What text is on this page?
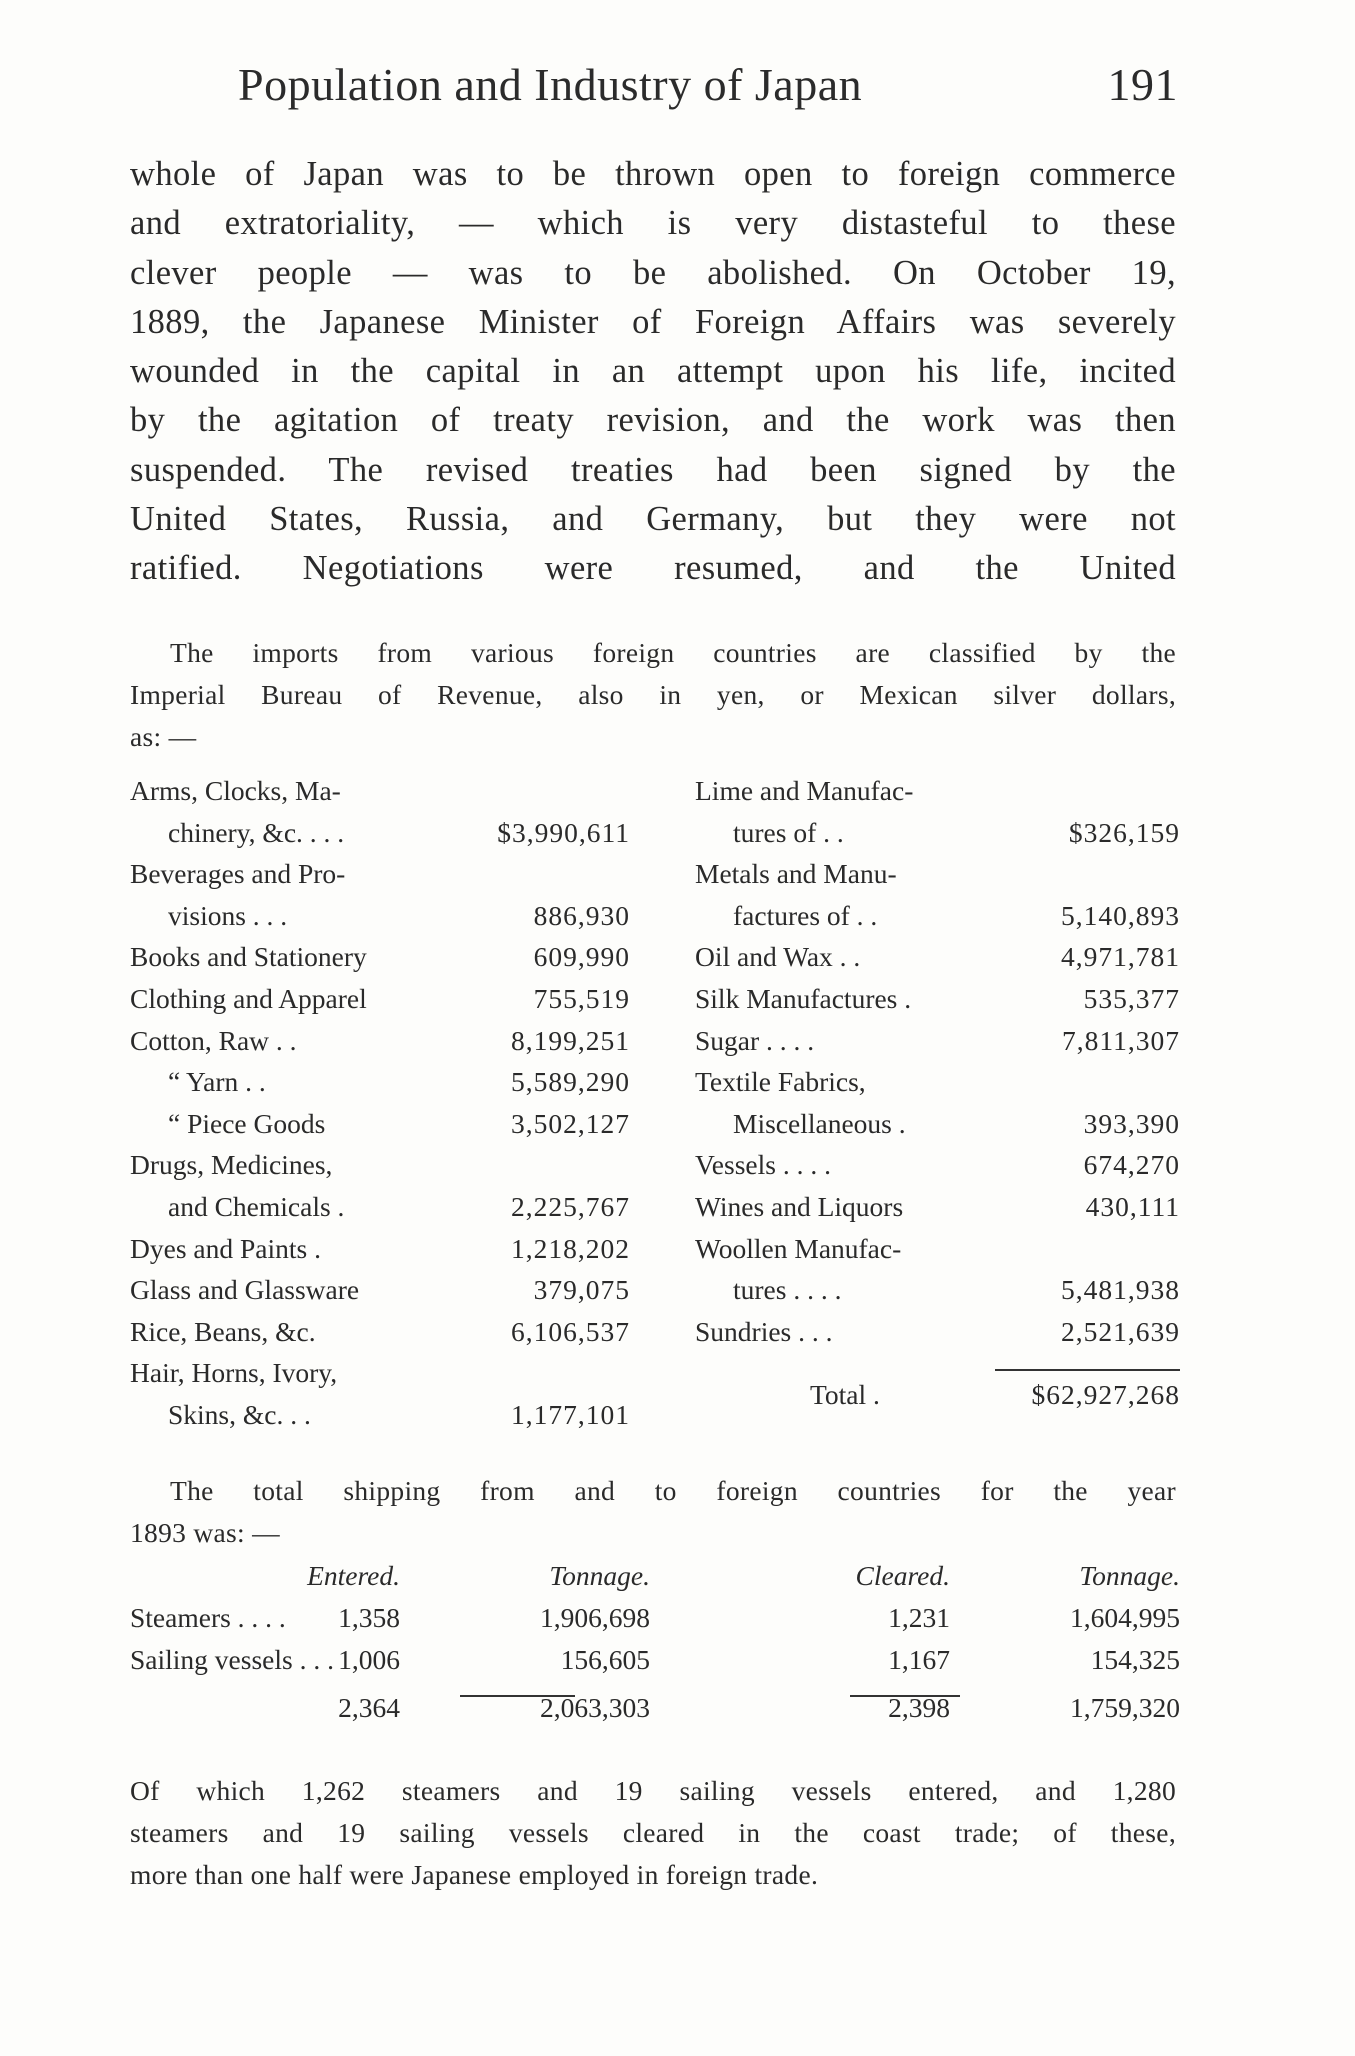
Population and Industry of Japan	191
whole of Japan was to be thrown open to foreign commerce
and extratoriality, — which is very distasteful to these
clever people — was to be abolished. On October 19,
1889, the Japanese Minister of Foreign Affairs was severely
wounded in the capital in an attempt upon his life, incited
by the agitation of treaty revision, and the work was then
suspended. The revised treaties had been signed by the
United States, Russia, and Germany, but they were not
ratified. Negotiations were resumed, and the United
The imports from various foreign countries are classified by the
Imperial Bureau of Revenue, also in yen, or Mexican silver dollars,
as: —
Arms, Clocks, Ma-
chinery, &c. . . .	$3,990,611
Beverages and Pro-
visions . . .	886,930
Books and Stationery	609,990
Clothing and Apparel	755,519
Cotton, Raw . .	8,199,251
“ Yarn . .	5,589,290
“ Piece Goods	3,502,127
Drugs, Medicines,
and Chemicals .	2,225,767
Dyes and Paints .	1,218,202
Glass and Glassware	379,075
Rice, Beans, &c.	6,106,537
Hair, Horns, Ivory,
Skins, &c. . .	1,177,101
Lime and Manufac-
tures of . .	$326,159
Metals and Manu-
factures of . .	5,140,893
Oil and Wax . .	4,971,781
Silk Manufactures .	535,377
Sugar . . . .	7,811,307
Textile Fabrics,
Miscellaneous .	393,390
Vessels . . . .	674,270
Wines and Liquors	430,111
Woollen Manufac-
tures . . . .	5,481,938
Sundries . . .	2,521,639
Total .	$62,927,268
The total shipping from and to foreign countries for the year
1893 was: —
Entered.	Tonnage.	Cleared.	Tonnage.
Steamers . . . . 1,358	1,906,698	1,231	1,604,995
Sailing vessels . . . 1,006	156,605	1,167	154,325
2,364	2,063,303	2,398	1,759,320
Of which 1,262 steamers and 19 sailing vessels entered, and 1,280
steamers and 19 sailing vessels cleared in the coast trade; of these,
more than one half were Japanese employed in foreign trade.
